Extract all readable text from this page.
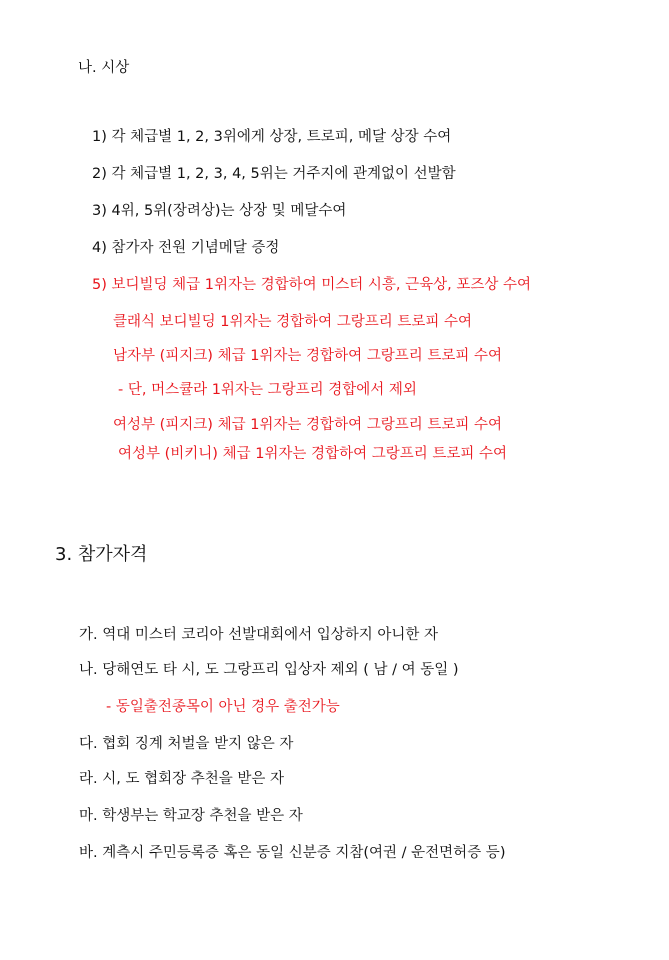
나. 시상
1) 각 체급별 1, 2, 3위에게 상장, 트로피, 메달 상장 수여
2) 각 체급별 1, 2, 3, 4, 5위는 거주지에 관계없이 선발함
3) 4위, 5위(장려상)는 상장 및 메달수여
4) 참가자 전원 기념메달 증정
5) 보디빌딩 체급 1위자는 경합하여 미스터 시흥, 근육상, 포즈상 수여
클래식 보디빌딩 1위자는 경합하여 그랑프리 트로피 수여
남자부 (피지크) 체급 1위자는 경합하여 그랑프리 트로피 수여
- 단, 머스큘라 1위자는 그랑프리 경합에서 제외
여성부 (피지크) 체급 1위자는 경합하여 그랑프리 트로피 수여
여성부 (비키니) 체급 1위자는 경합하여 그랑프리 트로피 수여
3. 참가자격
가. 역대 미스터 코리아 선발대회에서 입상하지 아니한 자
나. 당해연도 타 시, 도 그랑프리 입상자 제외 ( 남 / 여 동일 )
- 동일출전종목이 아닌 경우 출전가능
다. 협회 징계 처벌을 받지 않은 자
라. 시, 도 협회장 추천을 받은 자
마. 학생부는 학교장 추천을 받은 자
바. 계측시 주민등록증 혹은 동일 신분증 지참(여권 / 운전면허증 등)
